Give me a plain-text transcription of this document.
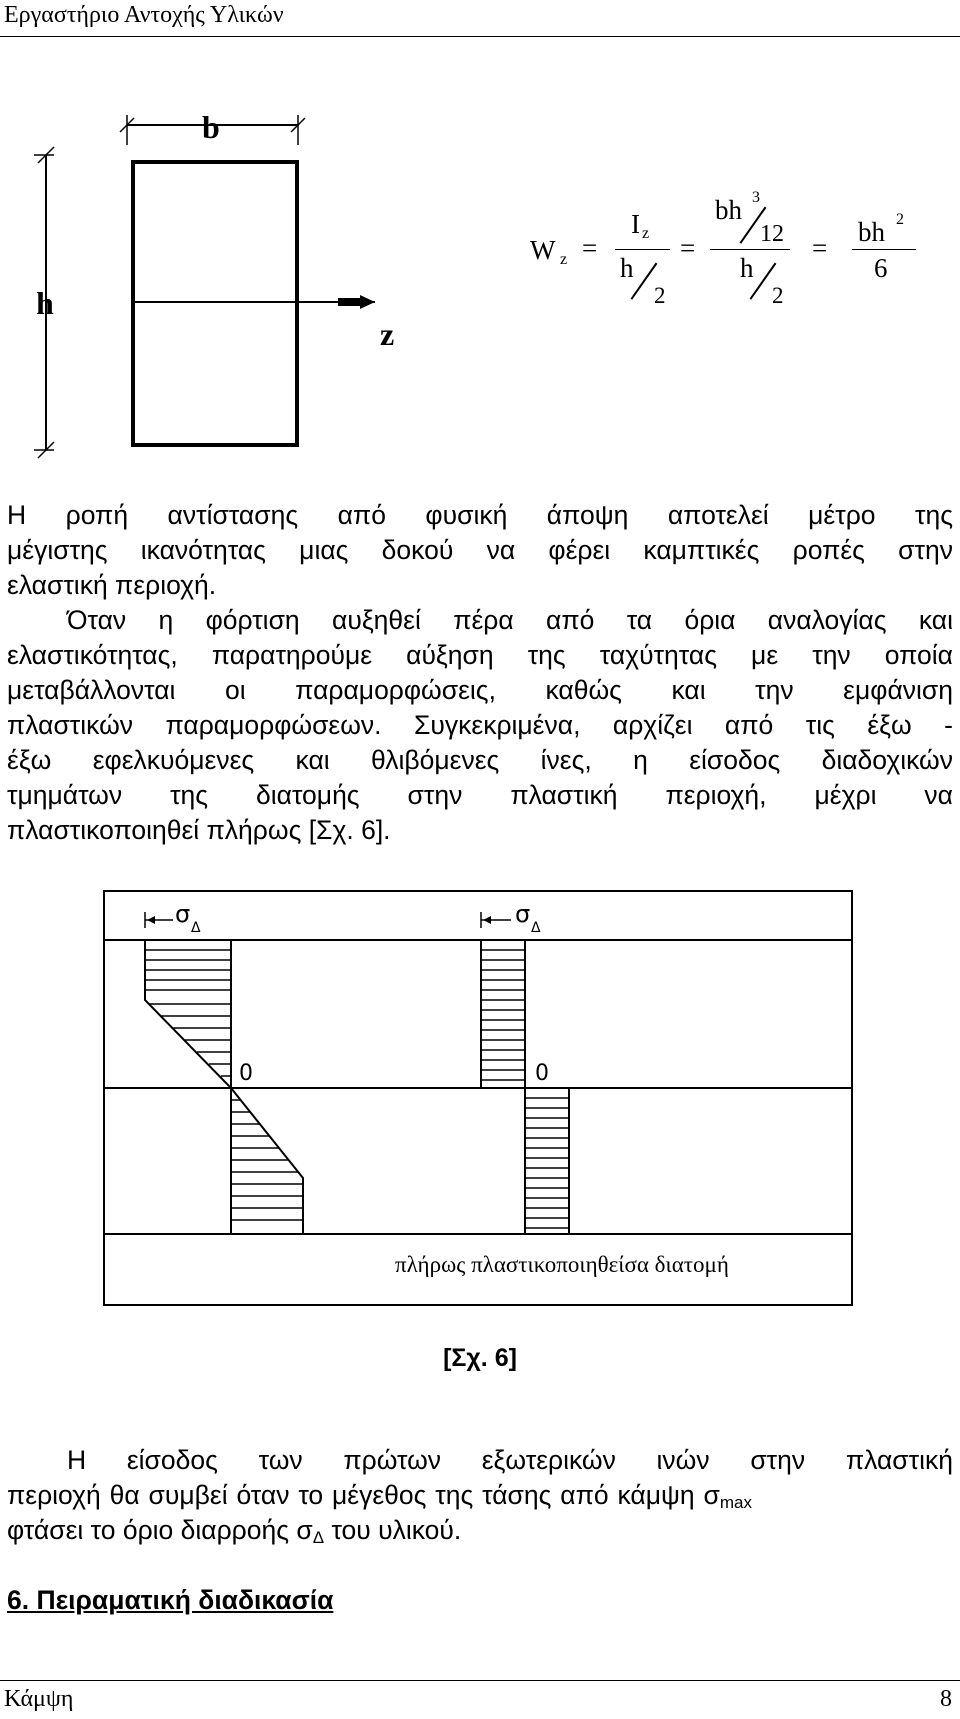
Εργαστήριο Αντοχής Υλικών
b
h
z
W z =
I z
h
2
=
bh 3
12
h
2
=
bh 2
6
Η ροπή αντίστασης από φυσική άποψη αποτελεί μέτρο της
μέγιστης ικανότητας μιας δοκού να φέρει καμπτικές ροπές στην
ελαστική περιοχή.
Όταν η φόρτιση αυξηθεί πέρα από τα όρια αναλογίας και
ελαστικότητας, παρατηρούμε αύξηση της ταχύτητας με την οποία
μεταβάλλονται οι παραμορφώσεις, καθώς και την εμφάνιση
πλαστικών παραμορφώσεων. Συγκεκριμένα, αρχίζει από τις έξω -
έξω εφελκυόμενες και θλιβόμενες ίνες, η είσοδος διαδοχικών
τμημάτων της διατομής στην πλαστική περιοχή, μέχρι να
πλαστικοποιηθεί πλήρως [Σχ. 6].
σ Δ	σ Δ
0	0
πλήρως πλαστικοποιηθείσα διατομή
[Σχ. 6]
Η είσοδος των πρώτων εξωτερικών ινών στην πλαστική
περιοχή θα συμβεί όταν το μέγεθος της τάσης από κάμψη $\sigma_{max}$
φτάσει το όριο διαρροής $\sigma_\Delta$ του υλικού.
6. Πειραματική διαδικασία
Κάμψη	8
